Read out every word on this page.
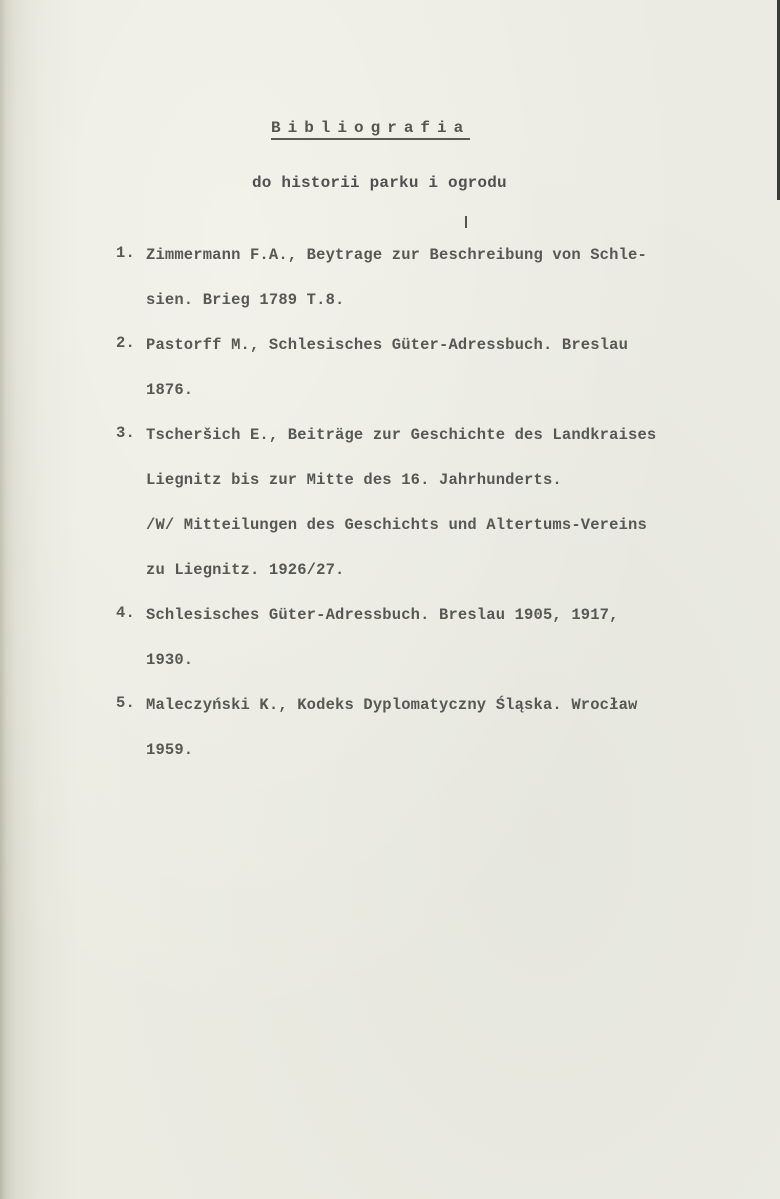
Bibliografia
do historii parku i ogrodu
1. Zimmermann F.A., Beytrage zur Beschreibung von Schle-
sien. Brieg 1789 T.8.
2. Pastorff M., Schlesisches Güter-Adressbuch. Breslau
1876.
3. Tscheršich E., Beiträge zur Geschichte des Landkraises
Liegnitz bis zur Mitte des 16. Jahrhunderts.
/W/ Mitteilungen des Geschichts und Altertums-Vereins
zu Liegnitz. 1926/27.
4. Schlesisches Güter-Adressbuch. Breslau 1905, 1917,
1930.
5. Maleczyński K., Kodeks Dyplomatyczny Śląska. Wrocław
1959.
